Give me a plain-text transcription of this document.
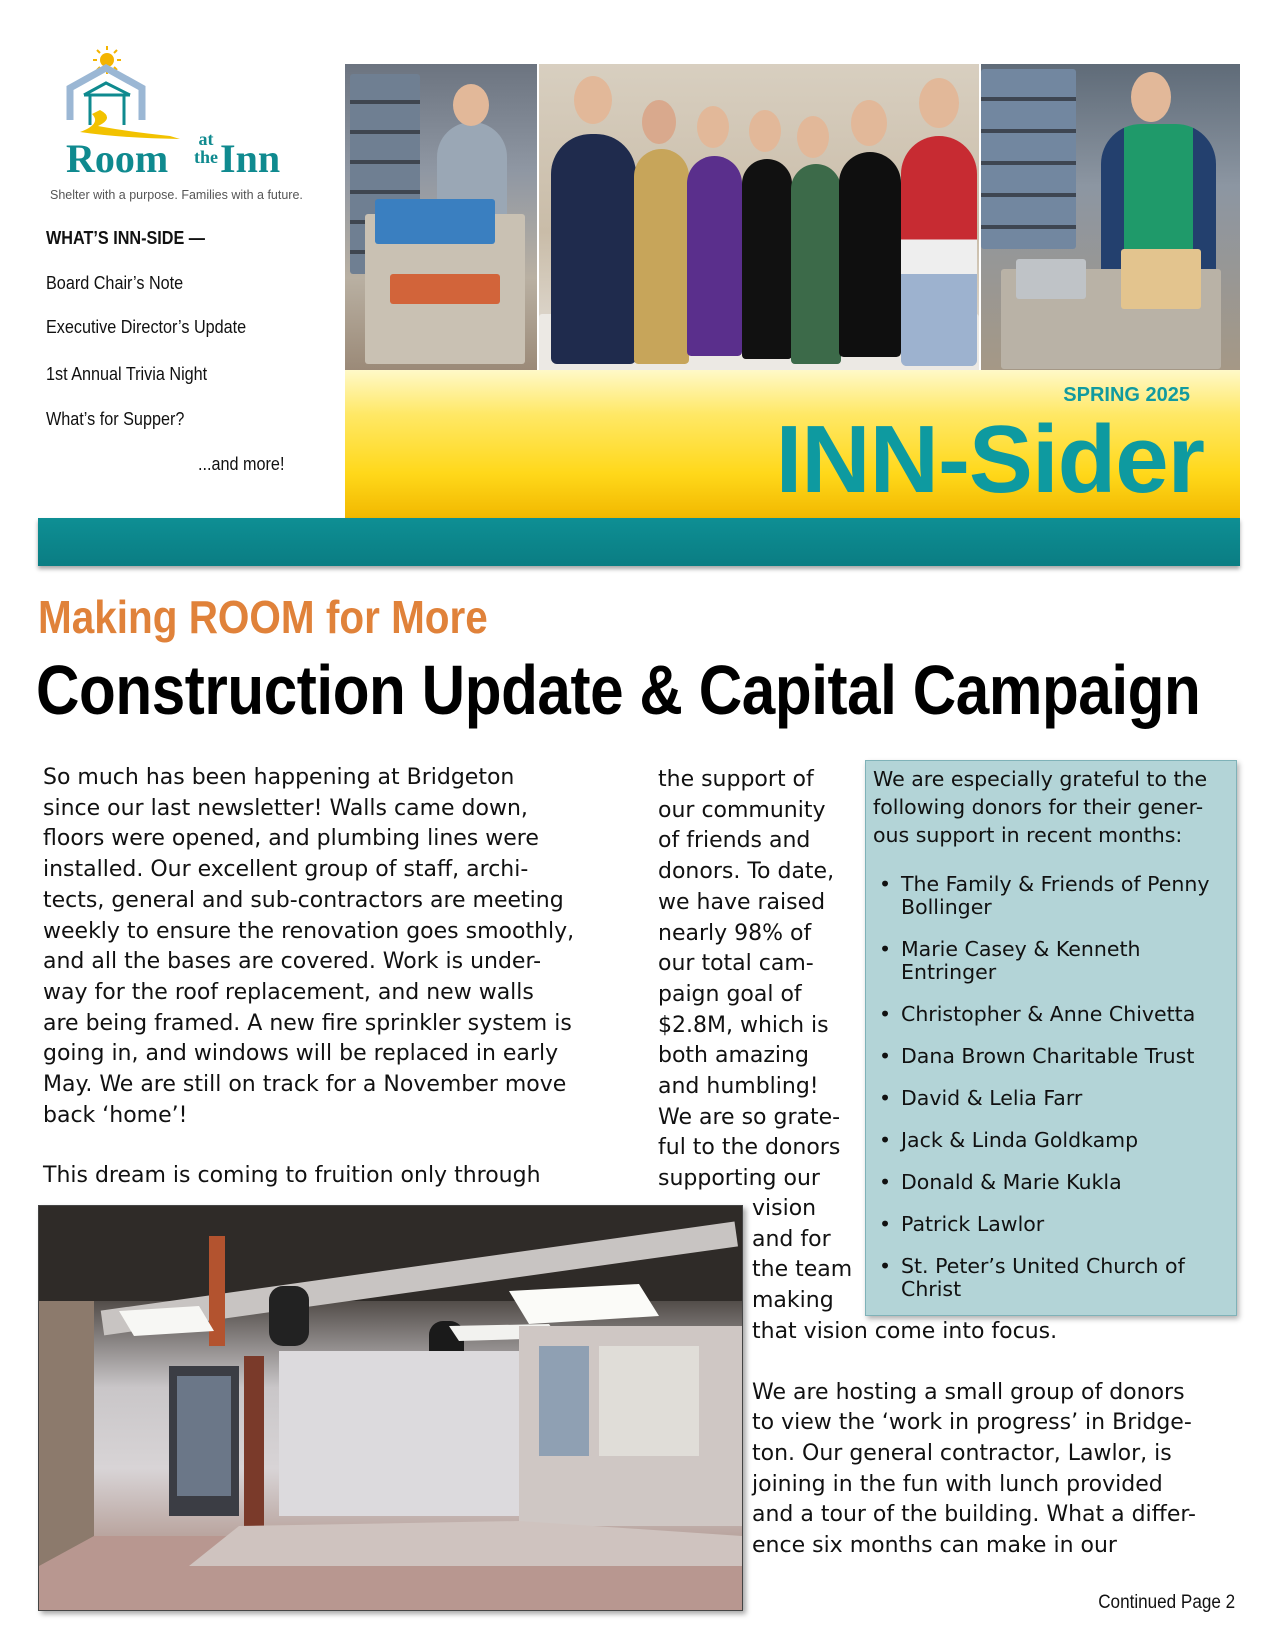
Room	at
the Inn
Shelter with a purpose. Families with a future.
WHAT’S INN-SIDE —
Board Chair’s Note
Executive Director’s Update
1st Annual Trivia Night
What’s for Supper?
...and more!
SPRING 2025
INN-Sider
Making ROOM for More
Construction Update & Capital Campaign
So much has been happening at Bridgeton
since our last newsletter! Walls came down,
floors were opened, and plumbing lines were
installed. Our excellent group of staff, archi-
tects, general and sub-contractors are meeting
weekly to ensure the renovation goes smoothly,
and all the bases are covered. Work is under-
way for the roof replacement, and new walls
are being framed. A new fire sprinkler system is
going in, and windows will be replaced in early
May. We are still on track for a November move
back ‘home’!
This dream is coming to fruition only through
the support of
our community
of friends and
donors. To date,
we have raised
nearly 98% of
our total cam-
paign goal of
$2.8M, which is
both amazing
and humbling!
We are so grate-
ful to the donors
supporting our
vision
and for
the team
making
that vision come into focus.
We are hosting a small group of donors
to view the ‘work in progress’ in Bridge-
ton. Our general contractor, Lawlor, is
joining in the fun with lunch provided
and a tour of the building. What a differ-
ence six months can make in our
We are especially grateful to the
following donors for their gener-
ous support in recent months:
• The Family & Friends of Penny Bollinger
• Marie Casey & Kenneth Entringer
• Christopher & Anne Chivetta
• Dana Brown Charitable Trust
• David & Lelia Farr
• Jack & Linda Goldkamp
• Donald & Marie Kukla
• Patrick Lawlor
• St. Peter’s United Church of Christ
Continued Page 2
